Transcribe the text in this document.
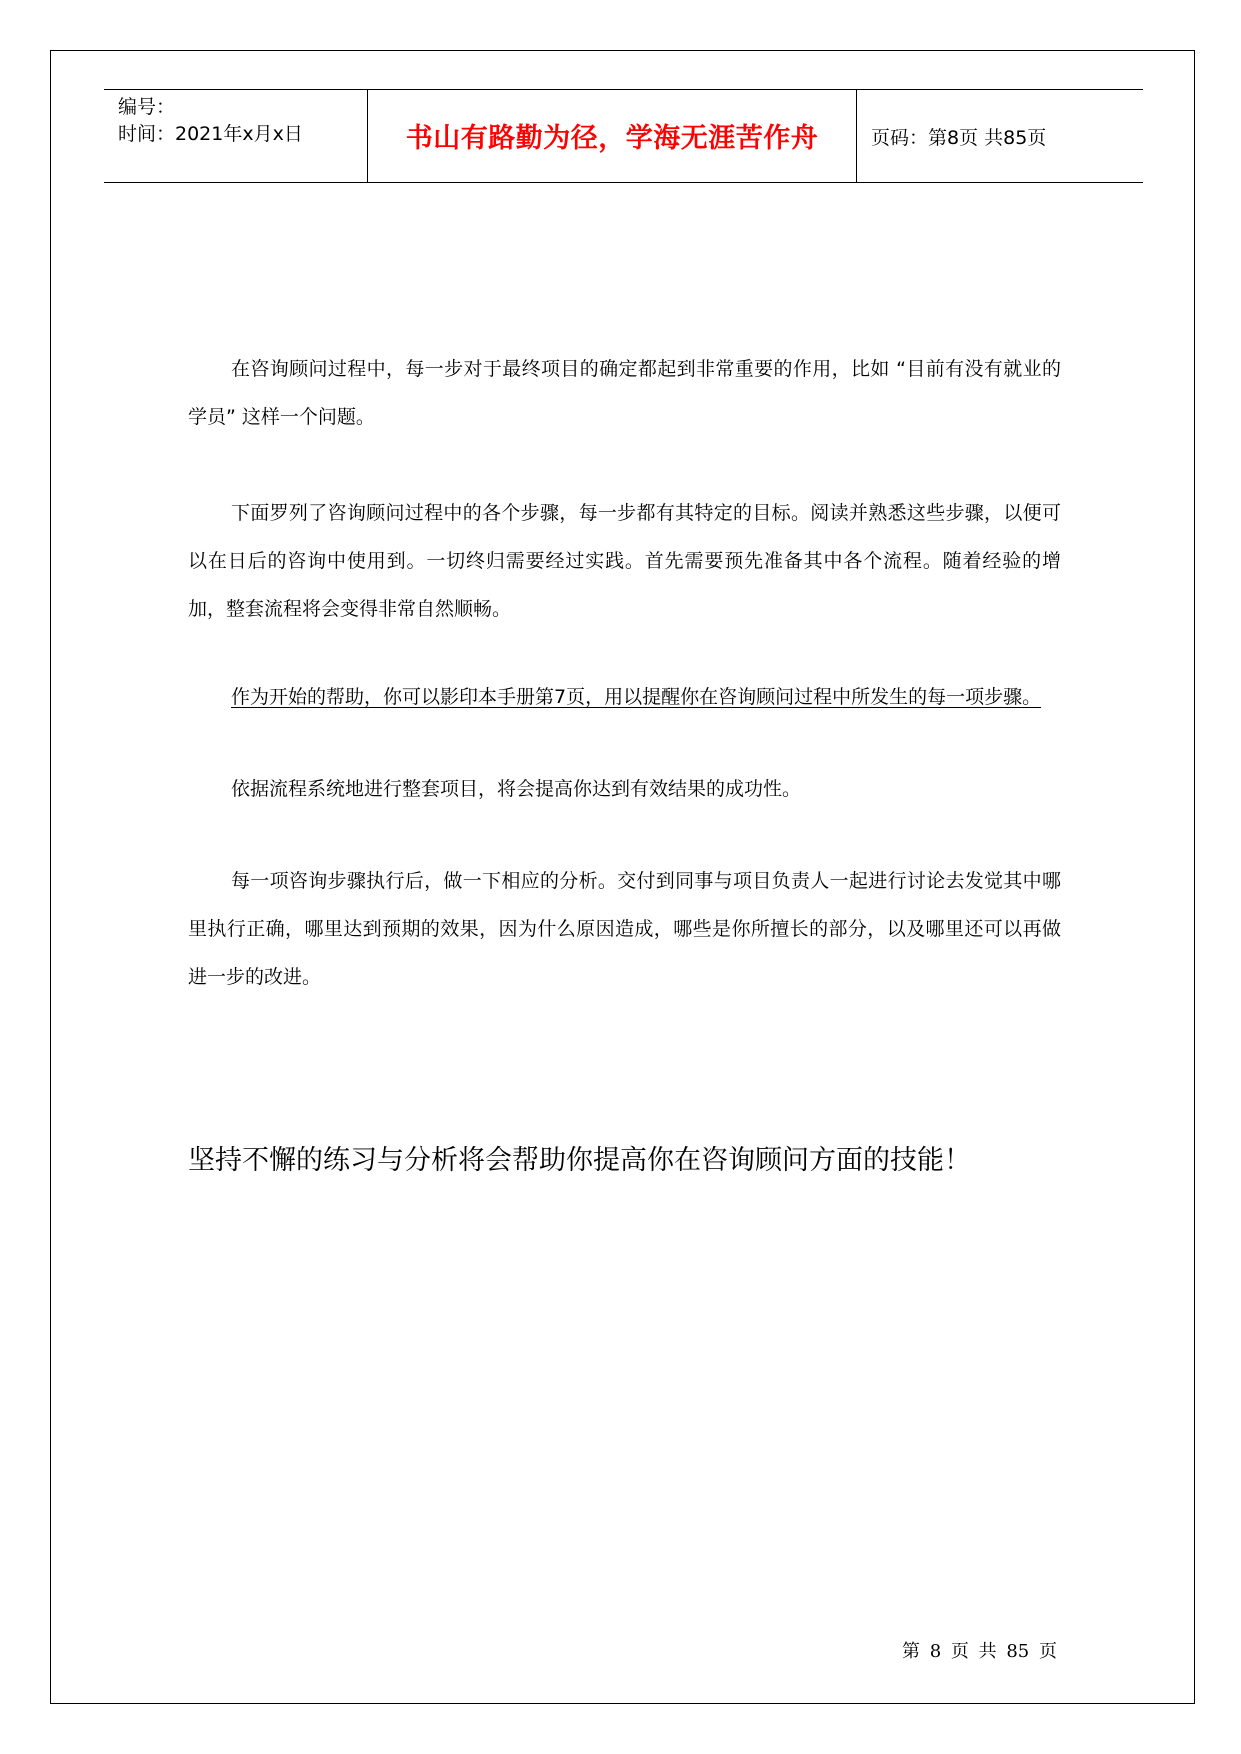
编号：
时间：2021年x月x日	书山有路勤为径，学海无涯苦作舟	页码：第8页 共85页

在咨询顾问过程中，每一步对于最终项目的确定都起到非常重要的作用，比如 “目前有没有就业的学员” 这样一个问题。

下面罗列了咨询顾问过程中的各个步骤，每一步都有其特定的目标。阅读并熟悉这些步骤，以便可以在日后的咨询中使用到。一切终归需要经过实践。首先需要预先准备其中各个流程。随着经验的增加，整套流程将会变得非常自然顺畅。

作为开始的帮助，你可以影印本手册第7页，用以提醒你在咨询顾问过程中所发生的每一项步骤。

依据流程系统地进行整套项目，将会提高你达到有效结果的成功性。

每一项咨询步骤执行后，做一下相应的分析。交付到同事与项目负责人一起进行讨论去发觉其中哪里执行正确，哪里达到预期的效果，因为什么原因造成，哪些是你所擅长的部分，以及哪里还可以再做进一步的改进。

坚持不懈的练习与分析将会帮助你提高你在咨询顾问方面的技能！

第 8 页 共 85 页
